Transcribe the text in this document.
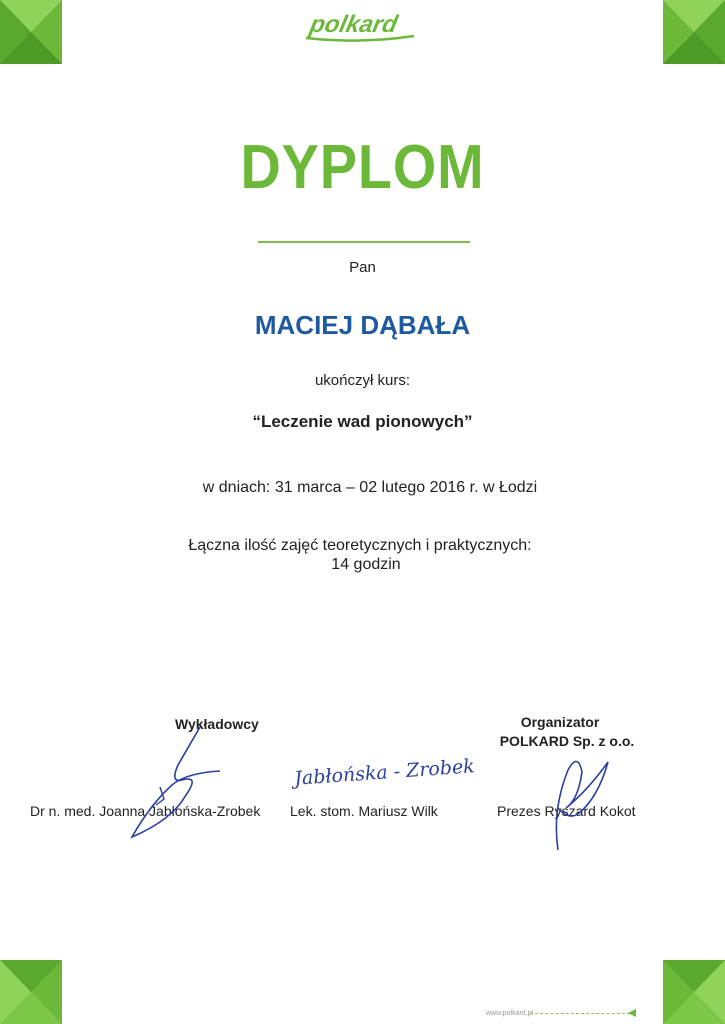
polkard
DYPLOM
Pan
MACIEJ DĄBAŁA
ukończył kurs:
“Leczenie wad pionowych”
w dniach: 31 marca – 02 lutego 2016 r. w Łodzi
Łączna ilość zajęć teoretycznych i praktycznych:
14 godzin
Wykładowcy	Organizator
POLKARD Sp. z o.o.
Dr n. med. Joanna Jabłońska-Zrobek Lek. stom. Mariusz Wilk	Prezes Ryszard Kokot
Jabłońska - Zrobek
www.polkard.pl
